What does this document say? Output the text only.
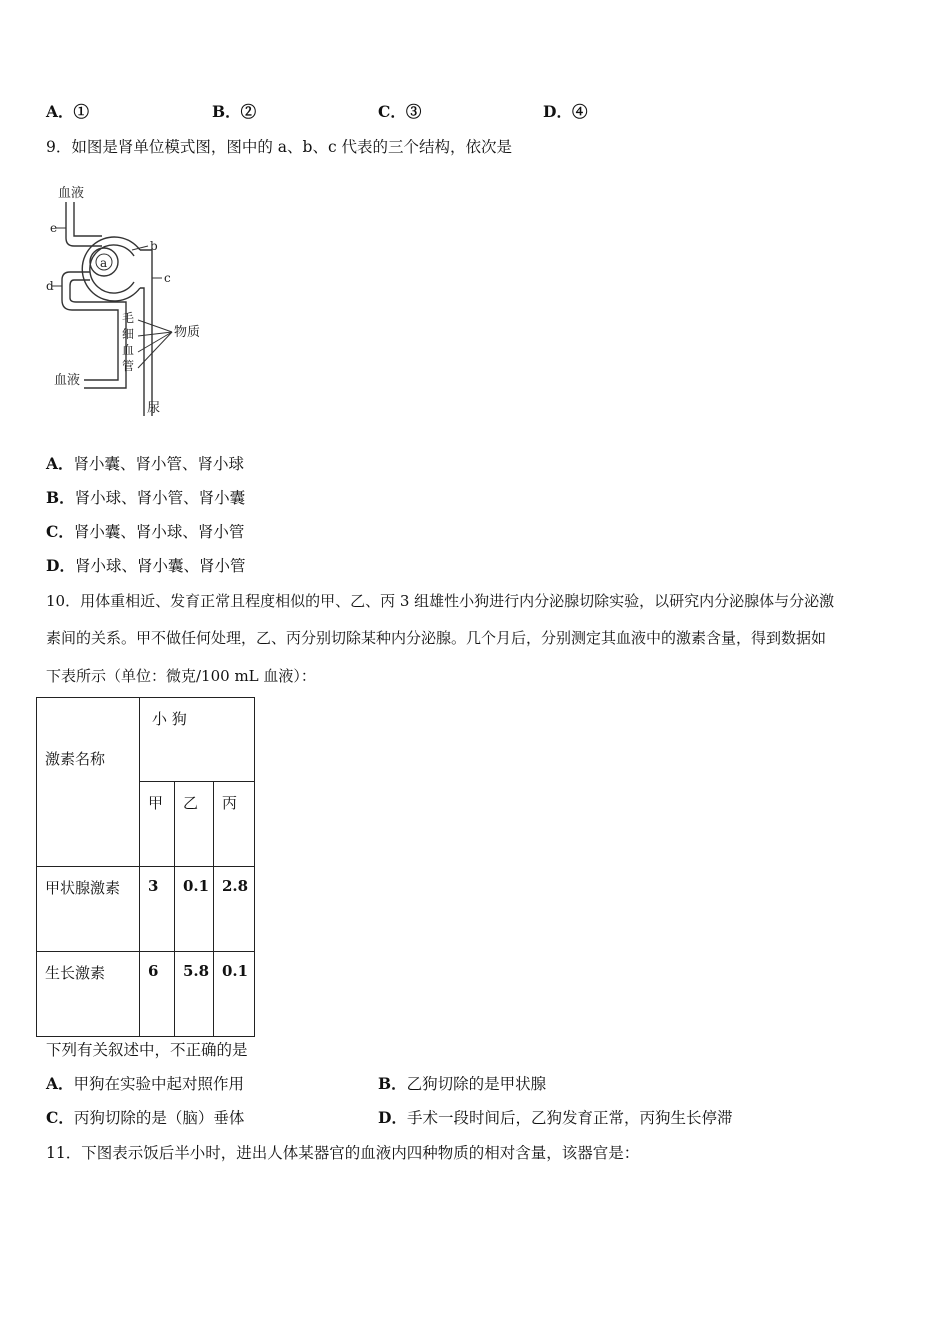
A．①	B．②	C．③	D．④
9．如图是肾单位模式图，图中的 a、b、c 代表的三个结构，依次是
血液
e
a
b
c
d
毛
细
血
管
物质
血液
尿
A．肾小囊、肾小管、肾小球
B．肾小球、肾小管、肾小囊
C．肾小囊、肾小球、肾小管
D．肾小球、肾小囊、肾小管
10．用体重相近、发育正常且程度相似的甲、乙、丙 3 组雄性小狗进行内分泌腺切除实验，以研究内分泌腺体与分泌激
素间的关系。甲不做任何处理，乙、丙分别切除某种内分泌腺。几个月后，分别测定其血液中的激素含量，得到数据如
下表所示（单位：微克/100 mL 血液）：
激素名称	小 狗		

	甲	乙	丙

甲状腺激素	3	0.1	2.8

生长激素	6	5.8	0.1
下列有关叙述中，不正确的是
A．甲狗在实验中起对照作用	B．乙狗切除的是甲状腺
C．丙狗切除的是（脑）垂体	D．手术一段时间后，乙狗发育正常，丙狗生长停滞
11．下图表示饭后半小时，进出人体某器官的血液内四种物质的相对含量，该器官是：
